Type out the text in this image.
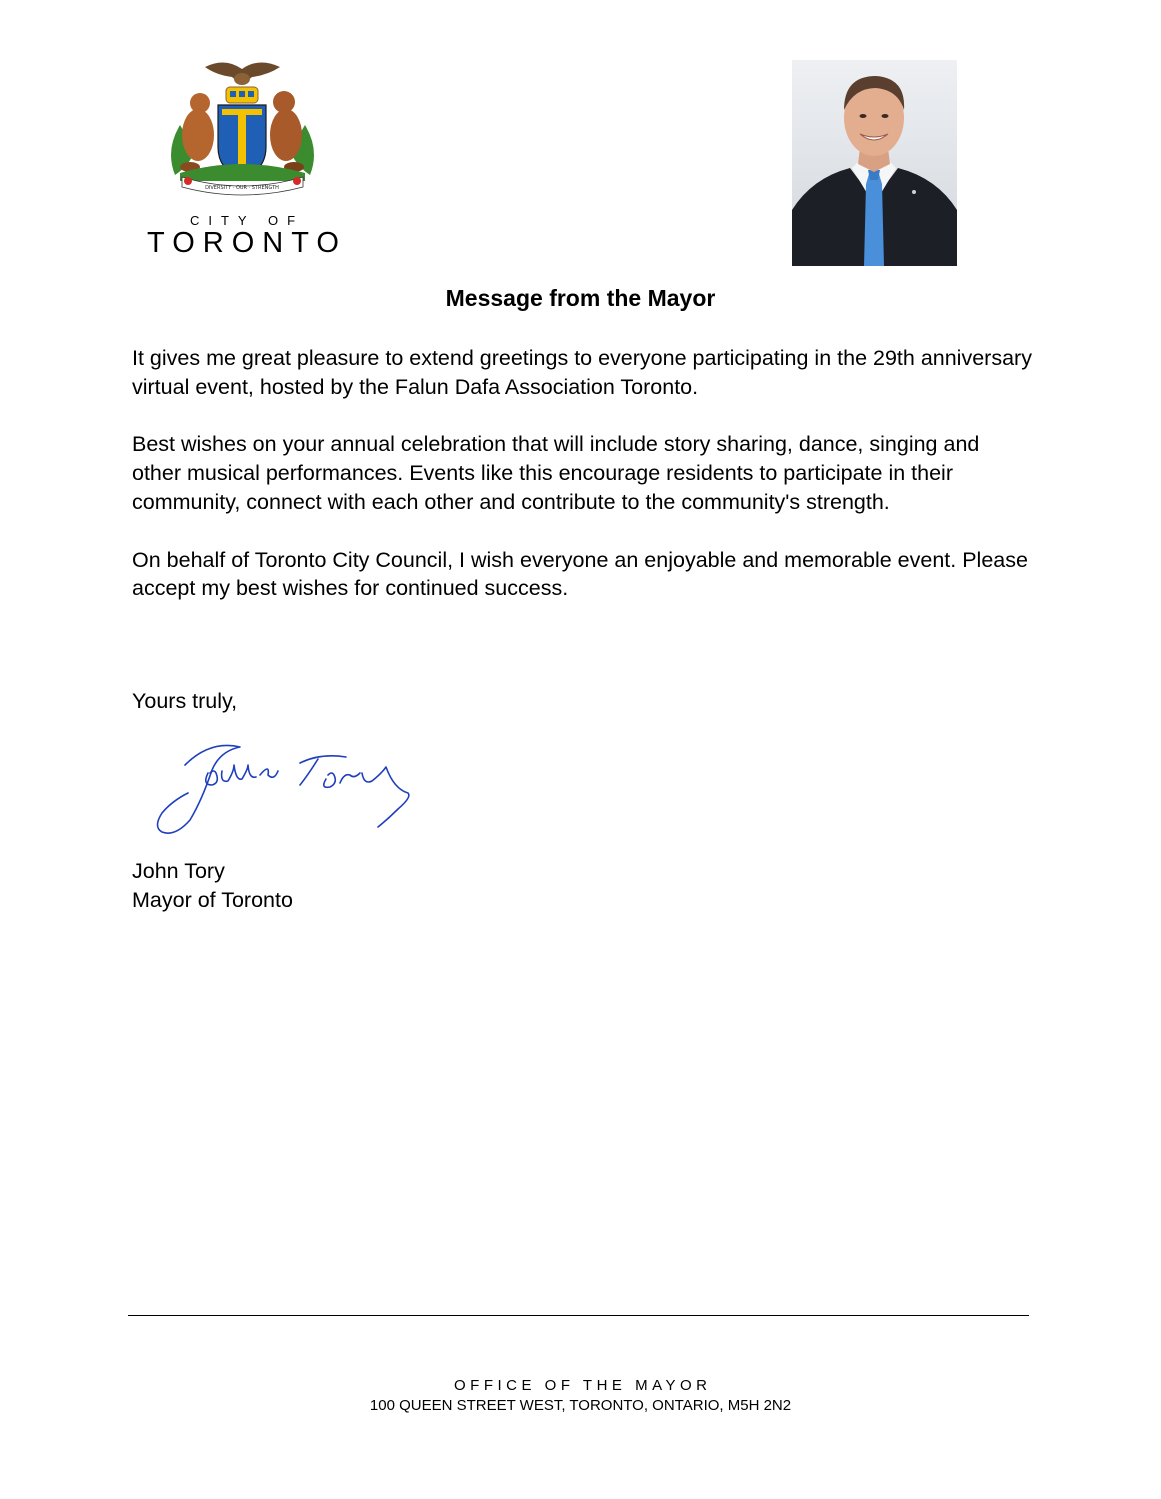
DIVERSITY · OUR · STRENGTH
CITY OF
TORONTO
Message from the Mayor

It gives me great pleasure to extend greetings to everyone participating in the 29th anniversary virtual event, hosted by the Falun Dafa Association Toronto.

Best wishes on your annual celebration that will include story sharing, dance, singing and other musical performances. Events like this encourage residents to participate in their community, connect with each other and contribute to the community's strength.

On behalf of Toronto City Council, I wish everyone an enjoyable and memorable event. Please accept my best wishes for continued success.

Yours truly,
John Tory
Mayor of Toronto
OFFICE OF THE MAYOR
100 QUEEN STREET WEST, TORONTO, ONTARIO, M5H 2N2
